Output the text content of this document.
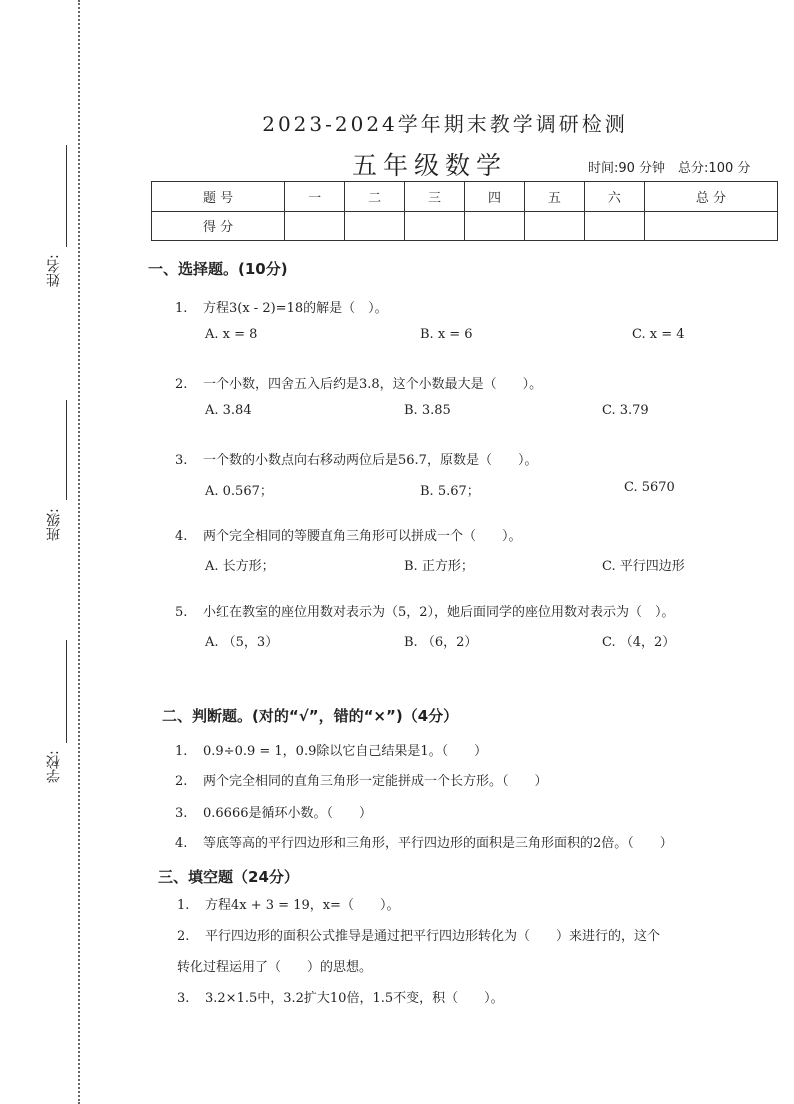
姓名:
班级:
学校:
2023-2024学年期末教学调研检测
五年级数学	时间:90 分钟　总分:100 分
题 号	一	二	三	四	五	六	总 分
得 分							
一、选择题。(10分)
1. 方程3(x - 2)=18的解是（　）。
A. x = 8	B. x = 6	C. x = 4
2. 一个小数，四舍五入后约是3.8，这个小数最大是（　　）。
A. 3.84	B. 3.85	C. 3.79
3. 一个数的小数点向右移动两位后是56.7，原数是（　　）。
A. 0.567；	B. 5.67；	C. 5670
4. 两个完全相同的等腰直角三角形可以拼成一个（　　）。
A. 长方形；	B. 正方形；	C. 平行四边形
5. 小红在教室的座位用数对表示为（5，2），她后面同学的座位用数对表示为（　）。
A. （5，3）	B. （6，2）	C. （4，2）
二、判断题。(对的“√”，错的“×”)（4分）
1. 0.9÷0.9 = 1，0.9除以它自己结果是1。（　　）
2. 两个完全相同的直角三角形一定能拼成一个长方形。（　　）
3. 0.6666是循环小数。（　　）
4. 等底等高的平行四边形和三角形，平行四边形的面积是三角形面积的2倍。（　　）
三、填空题（24分）
1. 方程4x + 3 = 19，x=（　　）。
2. 平行四边形的面积公式推导是通过把平行四边形转化为（　　）来进行的，这个
转化过程运用了（　　）的思想。
3. 3.2×1.5中，3.2扩大10倍，1.5不变，积（　　）。
